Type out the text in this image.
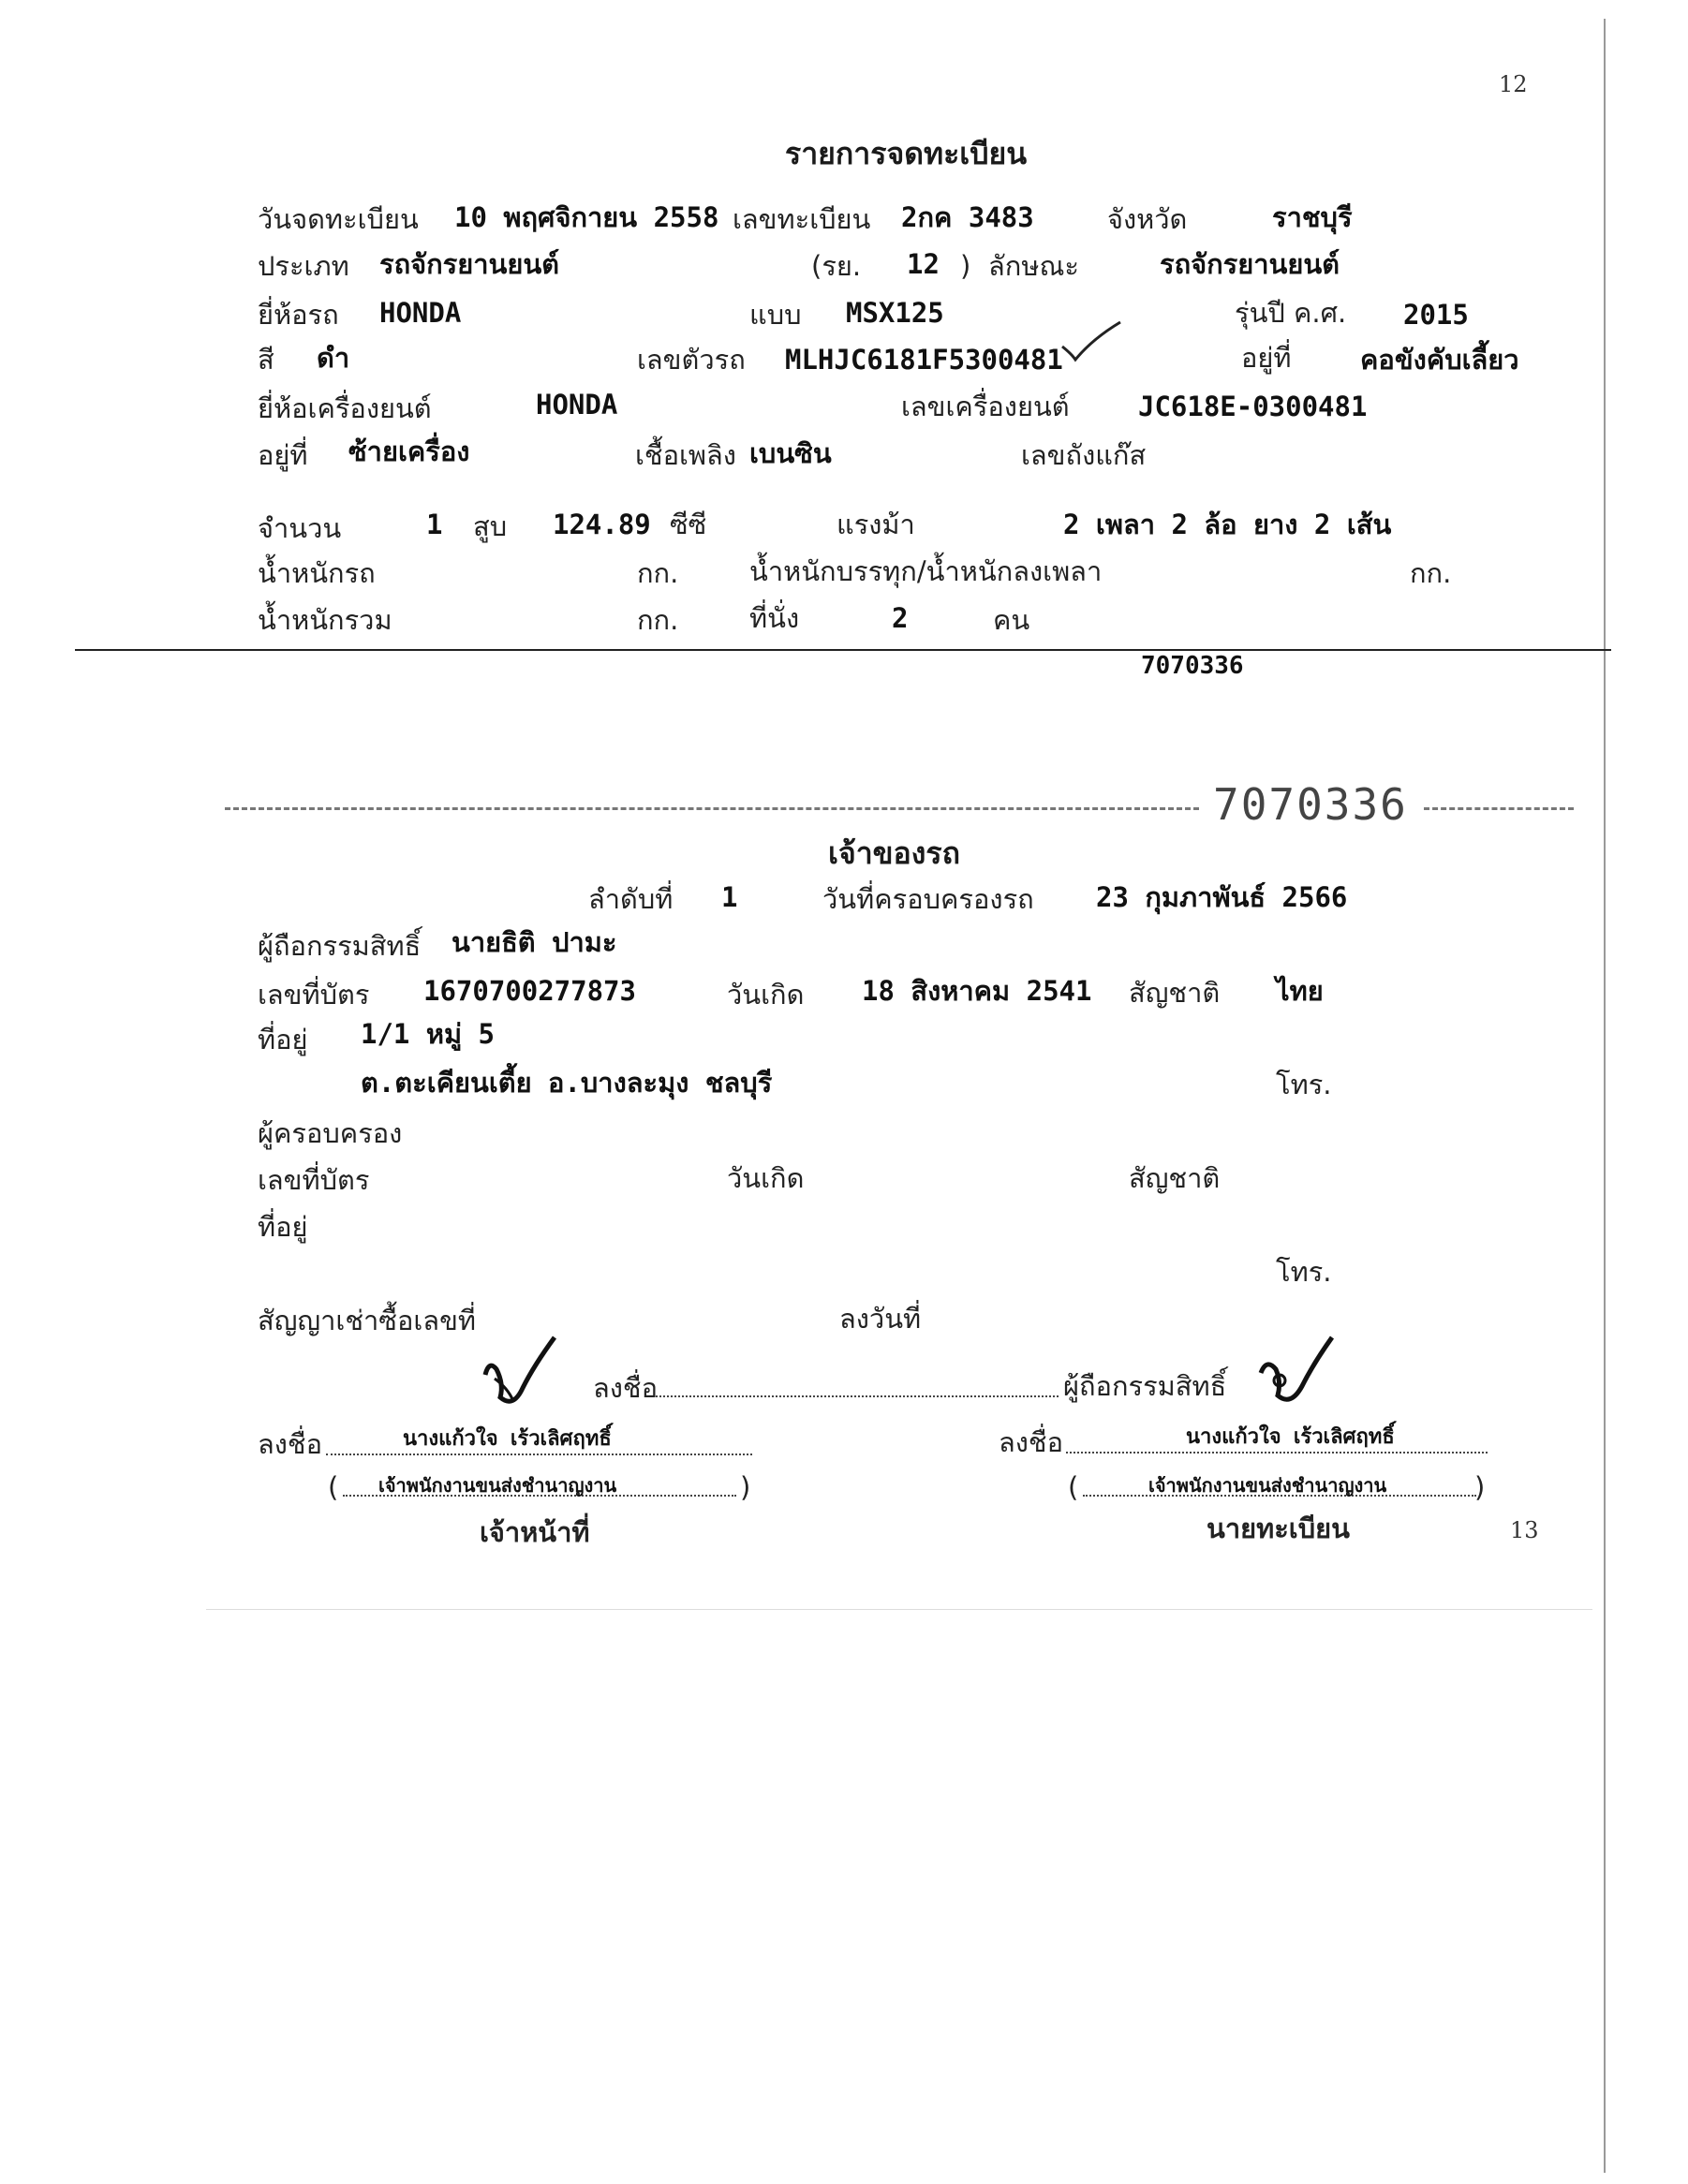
12
13
รายการจดทะเบียน
วันจดทะเบียน 10 พฤศจิกายน 2558 เลขทะเบียน 2กค 3483	จังหวัด	ราชบุรี
ประเภท รถจักรยานยนต์	(รย. 12 ) ลักษณะ	รถจักรยานยนต์
ยี่ห้อรถ HONDA	แบบ MSX125	รุ่นปี ค.ศ. 2015
สี ดำ	เลขตัวรถ MLHJC6181F5300481	อยู่ที่	คอขังคับเลี้ยว
ยี่ห้อเครื่องยนต์	HONDA	เลขเครื่องยนต์	JC618E-0300481
อยู่ที่ ซ้ายเครื่อง	เชื้อเพลิง เบนซิน	เลขถังแก๊ส
จำนวน	1 สูบ 124.89 ซีซี	แรงม้า	2 เพลา 2 ล้อ ยาง 2 เส้น
น้ำหนักรถ	กก.	น้ำหนักบรรทุก/น้ำหนักลงเพลา	กก.
น้ำหนักรวม	กก.	ที่นั่ง	2	คน
7070336
7070336
เจ้าของรถ
ลำดับที่ 1	วันที่ครอบครองรถ 23 กุมภาพันธ์ 2566
ผู้ถือกรรมสิทธิ์ นายธิติ ปามะ
เลขที่บัตร 1670700277873	วันเกิด 18 สิงหาคม 2541 สัญชาติ ไทย
ที่อยู่ 1/1 หมู่ 5
ต.ตะเคียนเตี้ย อ.บางละมุง ชลบุรี	โทร.
ผู้ครอบครอง
เลขที่บัตร	วันเกิด	สัญชาติ
ที่อยู่
โทร.
สัญญาเช่าซื้อเลขที่	ลงวันที่
ลงชื่อ	ผู้ถือกรรมสิทธิ์
ลงชื่อ	นางแก้วใจ เร้วเลิศฤทธิ์
( เจ้าพนักงานขนส่งชำนาญงาน	)
เจ้าหน้าที่
ลงชื่อ	นางแก้วใจ เร้วเลิศฤทธิ์
(	เจ้าพนักงานขนส่งชำนาญงาน	)
นายทะเบียน
